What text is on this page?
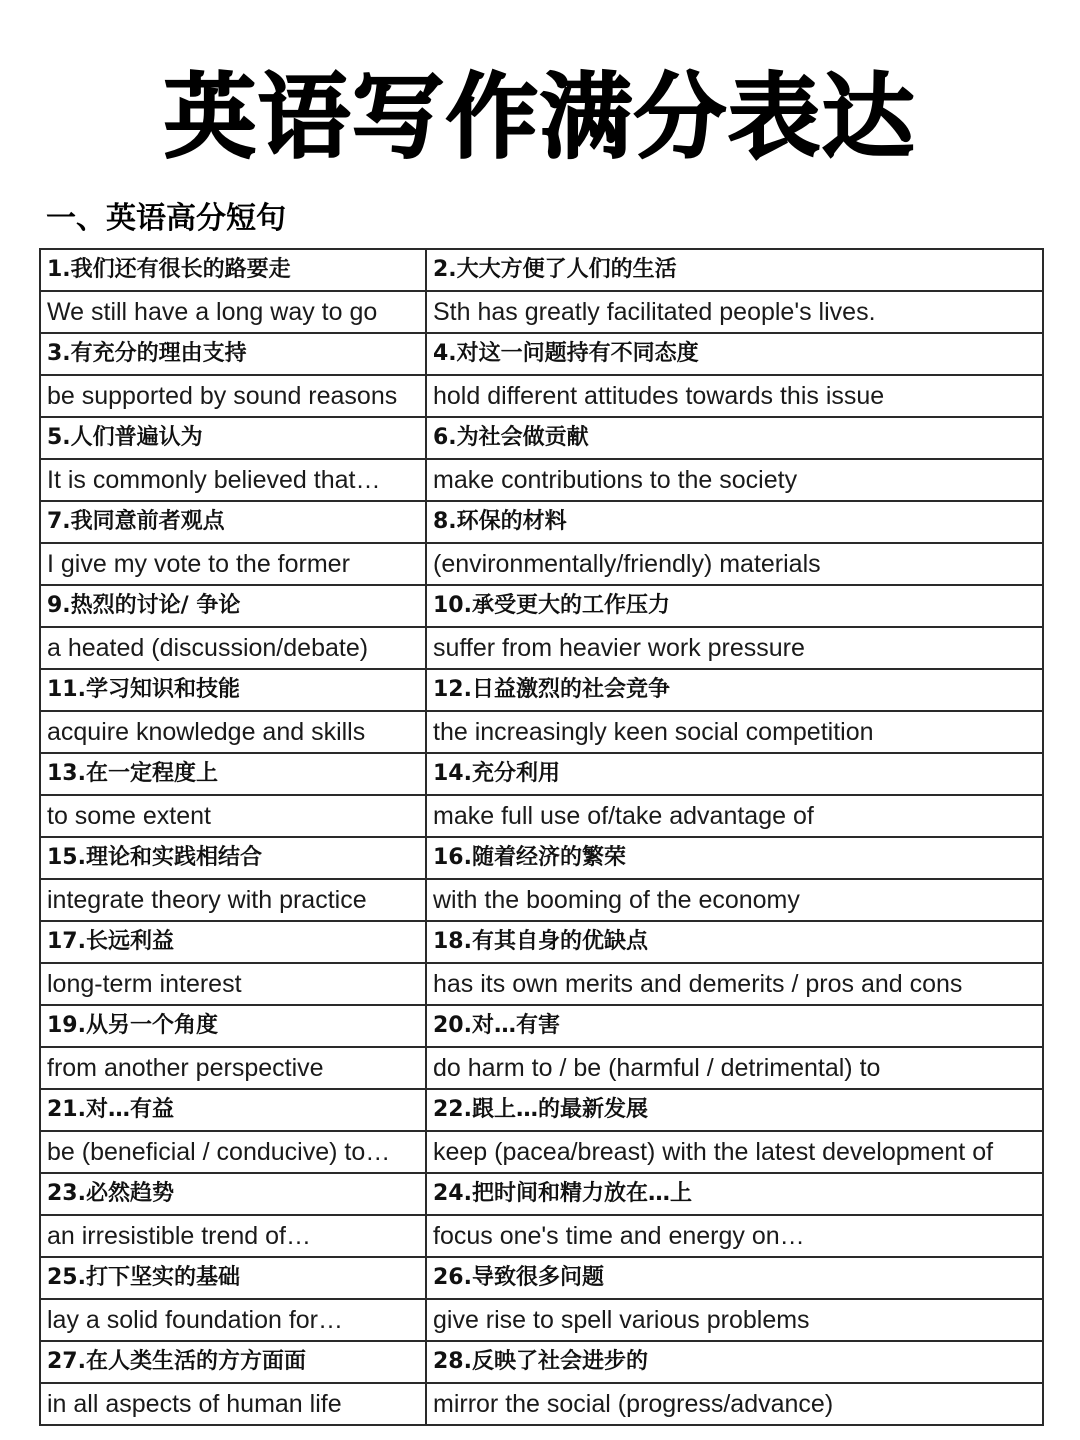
英语写作满分表达
一、英语高分短句
1.我们还有很长的路要走	2.大大方便了人们的生活
We still have a long way to go	Sth has greatly facilitated people's lives.
3.有充分的理由支持	4.对这一问题持有不同态度
be supported by sound reasons	hold different attitudes towards this issue
5.人们普遍认为	6.为社会做贡献
It is commonly believed that…	make contributions to the society
7.我同意前者观点	8.环保的材料
I give my vote to the former	(environmentally/friendly) materials
9.热烈的讨论/ 争论	10.承受更大的工作压力
a heated (discussion/debate)	suffer from heavier work pressure
11.学习知识和技能	12.日益激烈的社会竞争
acquire knowledge and skills	the increasingly keen social competition
13.在一定程度上	14.充分利用
to some extent	make full use of/take advantage of
15.理论和实践相结合	16.随着经济的繁荣
integrate theory with practice	with the booming of the economy
17.长远利益	18.有其自身的优缺点
long-term interest	has its own merits and demerits / pros and cons
19.从另一个角度	20.对…有害
from another perspective	do harm to / be (harmful / detrimental) to
21.对…有益	22.跟上…的最新发展
be (beneficial / conducive) to…	keep (pacea/breast) with the latest development of
23.必然趋势	24.把时间和精力放在…上
an irresistible trend of…	focus one's time and energy on…
25.打下坚实的基础	26.导致很多问题
lay a solid foundation for…	give rise to spell various problems
27.在人类生活的方方面面	28.反映了社会进步的
in all aspects of human life	mirror the social (progress/advance)
